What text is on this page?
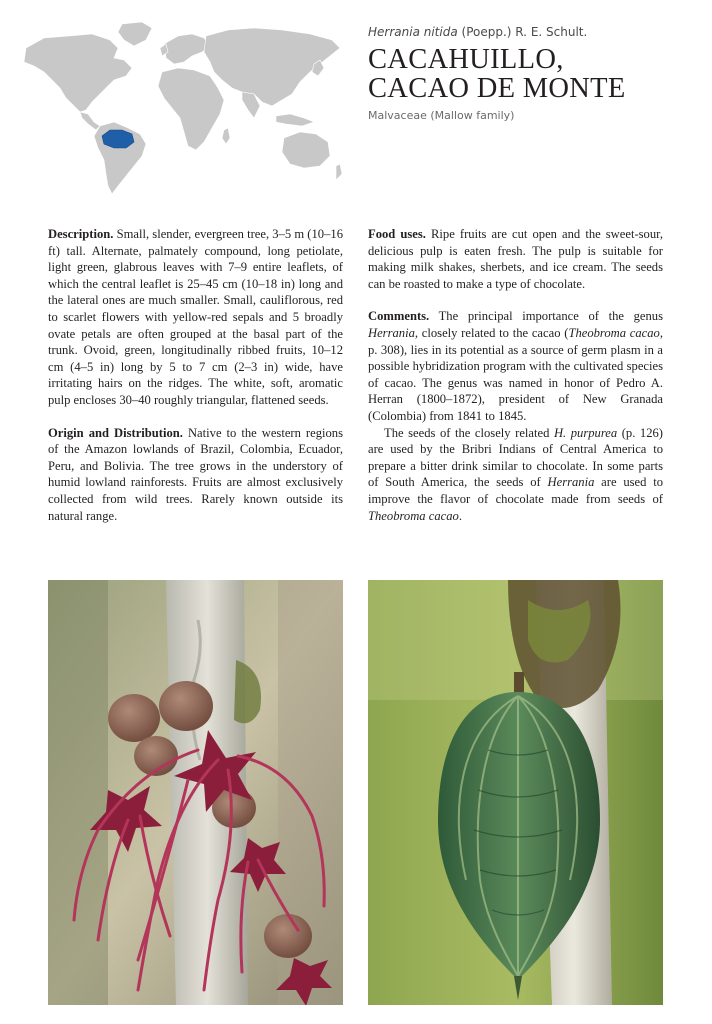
Herrania nitida (Poepp.) R. E. Schult.
CACAHUILLO,
CACAO DE MONTE
Malvaceae (Mallow family)

Description. Small, slender, evergreen tree, 3–5 m (10–16 ft) tall. Alternate, palmately compound, long petiolate, light green, glabrous leaves with 7–9 entire leaflets, of which the central leaflet is 25–45 cm (10–18 in) long and the lateral ones are much smaller. Small, cauliflorous, red to scarlet flowers with yellow-red sepals and 5 broadly ovate petals are often grouped at the basal part of the trunk. Ovoid, green, longitudinally ribbed fruits, 10–12 cm (4–5 in) long by 5 to 7 cm (2–3 in) wide, have irritating hairs on the ridges. The white, soft, aromatic pulp encloses 30–40 roughly triangular, flattened seeds.

Origin and Distribution. Native to the western regions of the Amazon lowlands of Brazil, Colombia, Ecuador, Peru, and Bolivia. The tree grows in the understory of humid lowland rainforests. Fruits are almost exclusively collected from wild trees. Rarely known outside its natural range.

Food uses. Ripe fruits are cut open and the sweet-sour, delicious pulp is eaten fresh. The pulp is suitable for making milk shakes, sherbets, and ice cream. The seeds can be roasted to make a type of chocolate.

Comments. The principal importance of the genus Herrania, closely related to the cacao (Theobroma cacao, p. 308), lies in its potential as a source of germ plasm in a possible hybridization program with the cultivated species of cacao. The genus was named in honor of Pedro A. Herran (1800–1872), president of New Granada (Colombia) from 1841 to 1845.

The seeds of the closely related H. purpurea (p. 126) are used by the Bribri Indians of Central America to prepare a bitter drink similar to chocolate. In some parts of South America, the seeds of Herrania are used to improve the flavor of chocolate made from seeds of Theobroma cacao.
